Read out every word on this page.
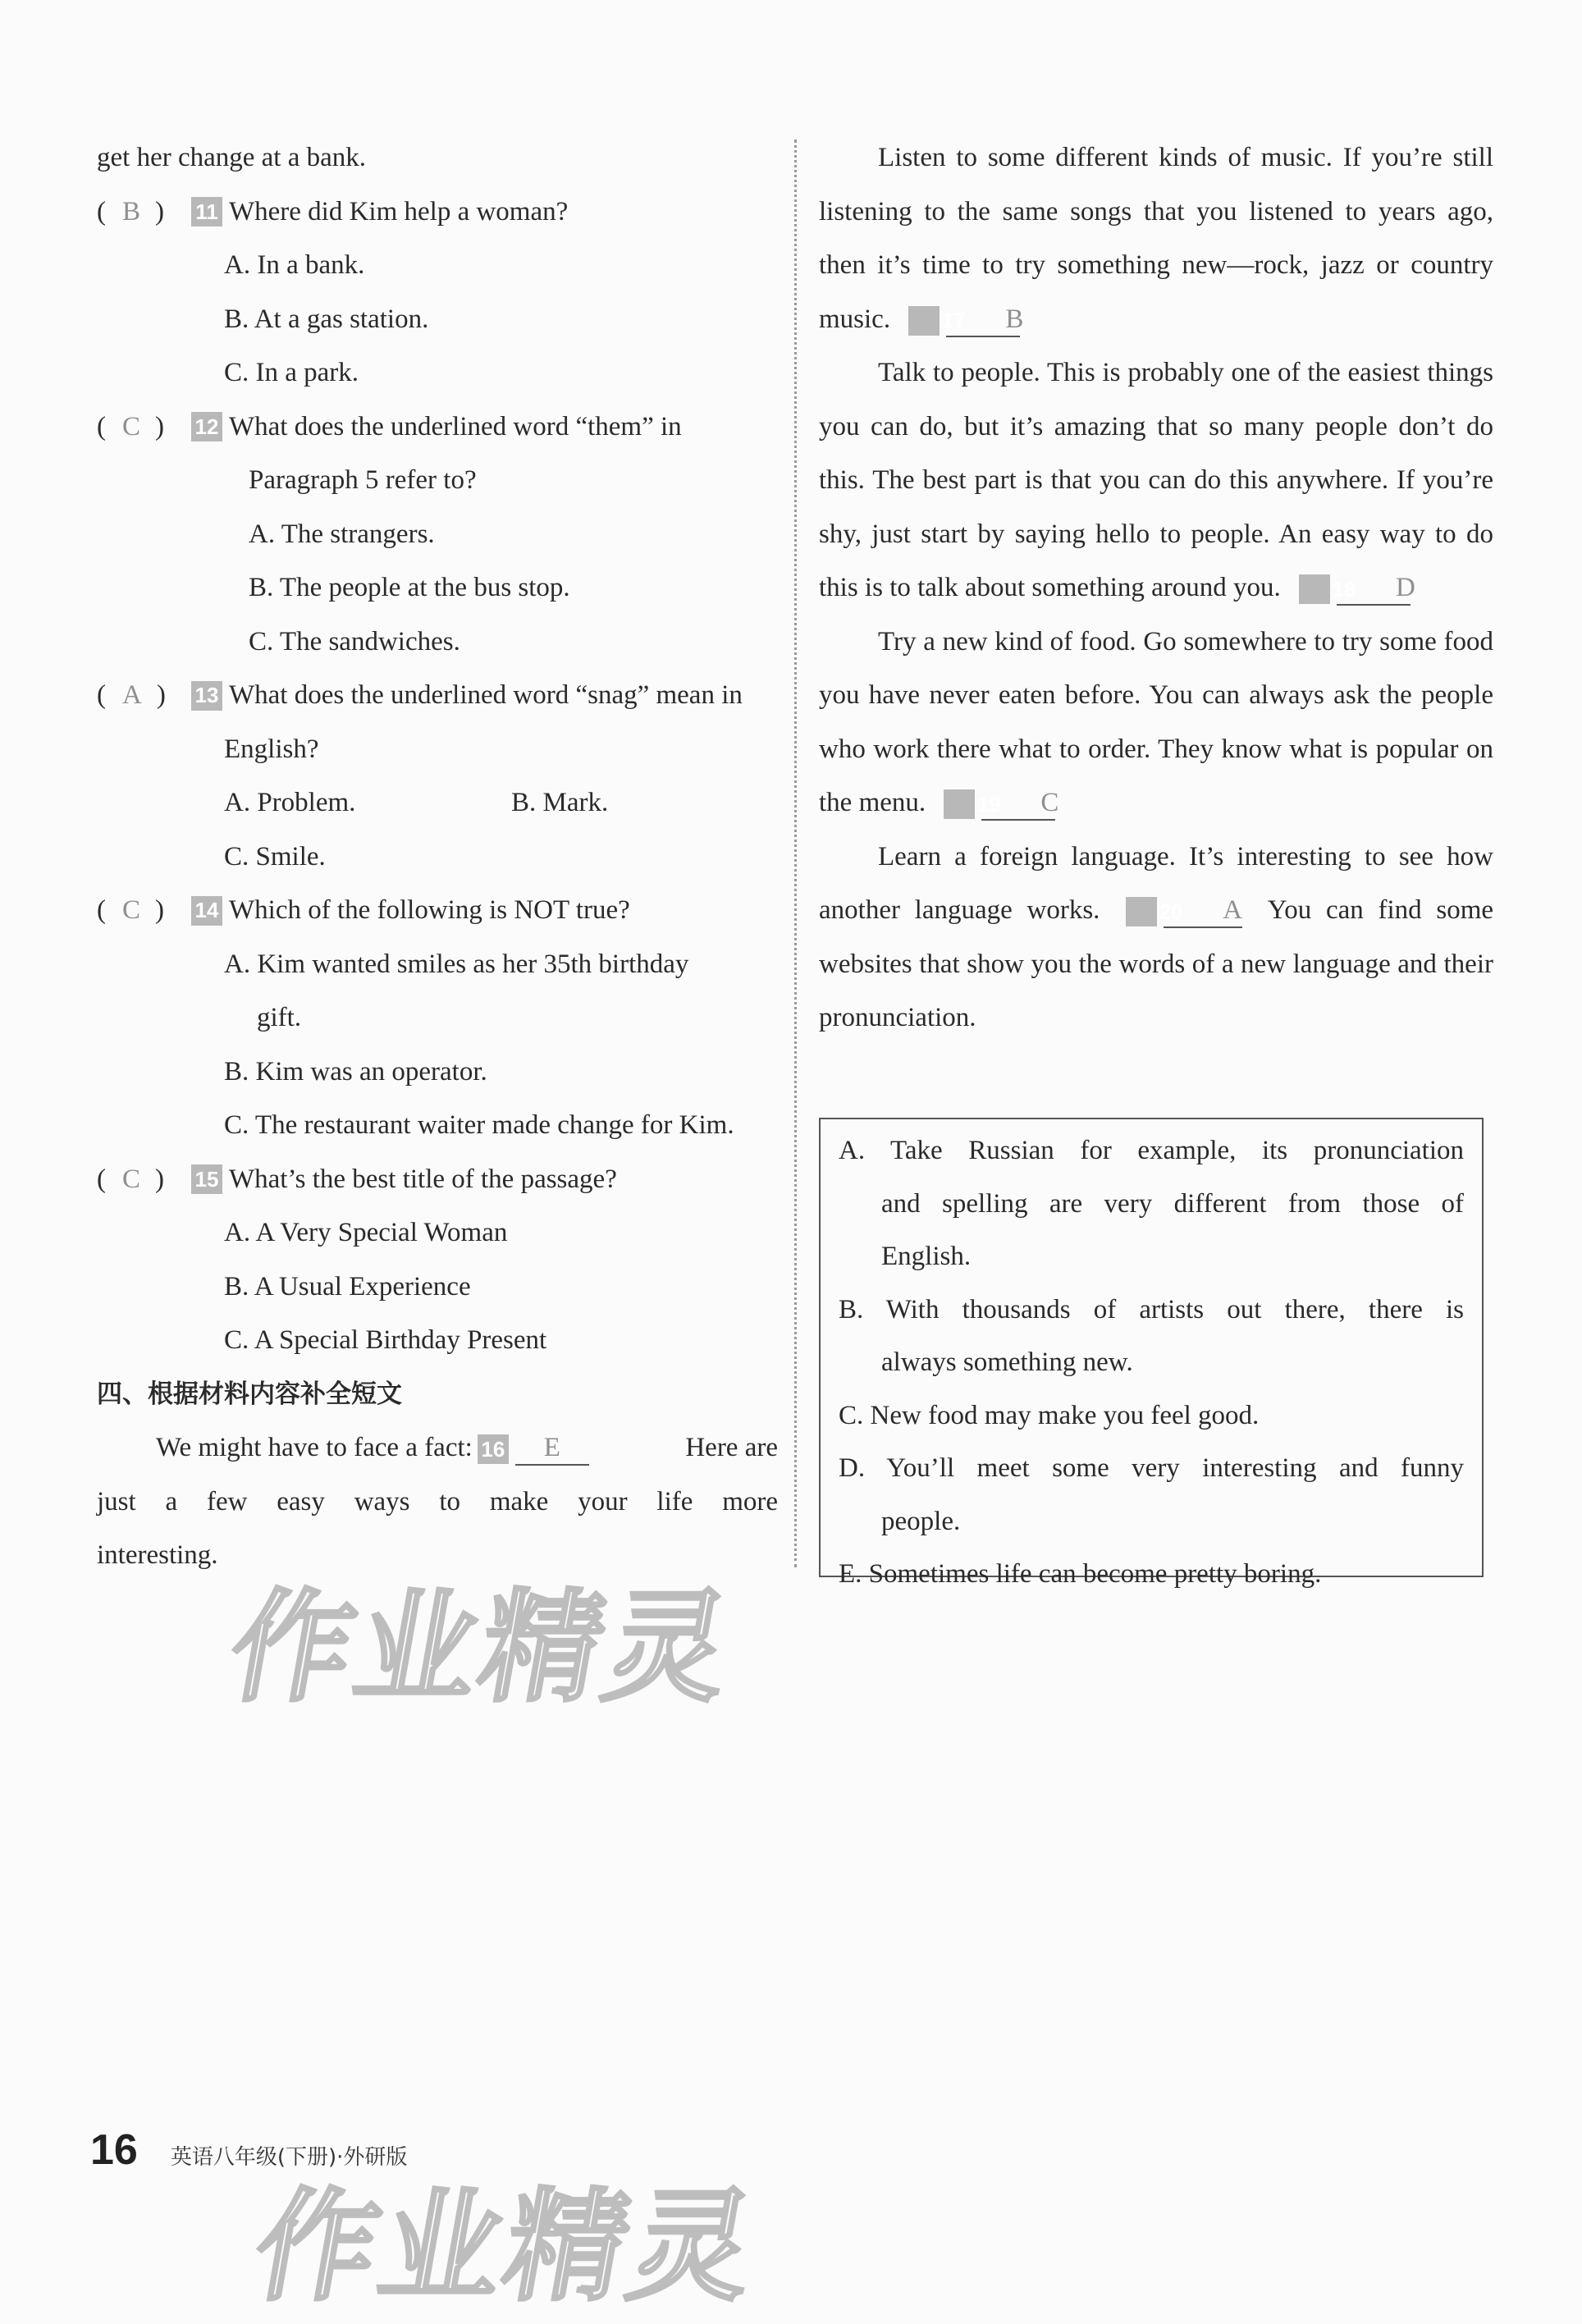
get her change at a bank.
( B )	11 Where did Kim help a woman?
A. In a bank.
B. At a gas station.
C. In a park.
( C )	12 What does the underlined word “them” in
Paragraph 5 refer to?
A. The strangers.
B. The people at the bus stop.
C. The sandwiches.
( A )	13 What does the underlined word “snag” mean in
English?
A. Problem.	B. Mark.
C. Smile.
( C )	14 Which of the following is NOT true?
A. Kim wanted smiles as her 35th birthday
gift.
B. Kim was an operator.
C. The restaurant waiter made change for Kim.
( C )	15 What’s the best title of the passage?
A. A Very Special Woman
B. A Usual Experience
C. A Special Birthday Present
四、根据材料内容补全短文
We might have to face a fact: 16 E	Here are
just a few easy ways to make your life more
interesting.
Listen to some different kinds of music. If you’re still listening to the same songs that you listened to years ago, then it’s time to try something new—rock, jazz or country music. 17 B
Talk to people. This is probably one of the easiest things you can do, but it’s amazing that so many people don’t do this. The best part is that you can do this anywhere. If you’re shy, just start by saying hello to people. An easy way to do this is to talk about something around you. 18 D
Try a new kind of food. Go somewhere to try some food you have never eaten before. You can always ask the people who work there what to order. They know what is popular on the menu. 19 C
Learn a foreign language. It’s interesting to see how another language works.	20 A You can find some websites that show you the words of a new language and their pronunciation.
A. Take Russian for example, its pronunciation
and spelling are very different from those of
English.
B. With thousands of artists out there, there is
always something new.
C. New food may make you feel good.
D. You’ll meet some very interesting and funny
people.
E. Sometimes life can become pretty boring.
作业精灵
作业精灵
16 英语八年级(下册)·外研版
